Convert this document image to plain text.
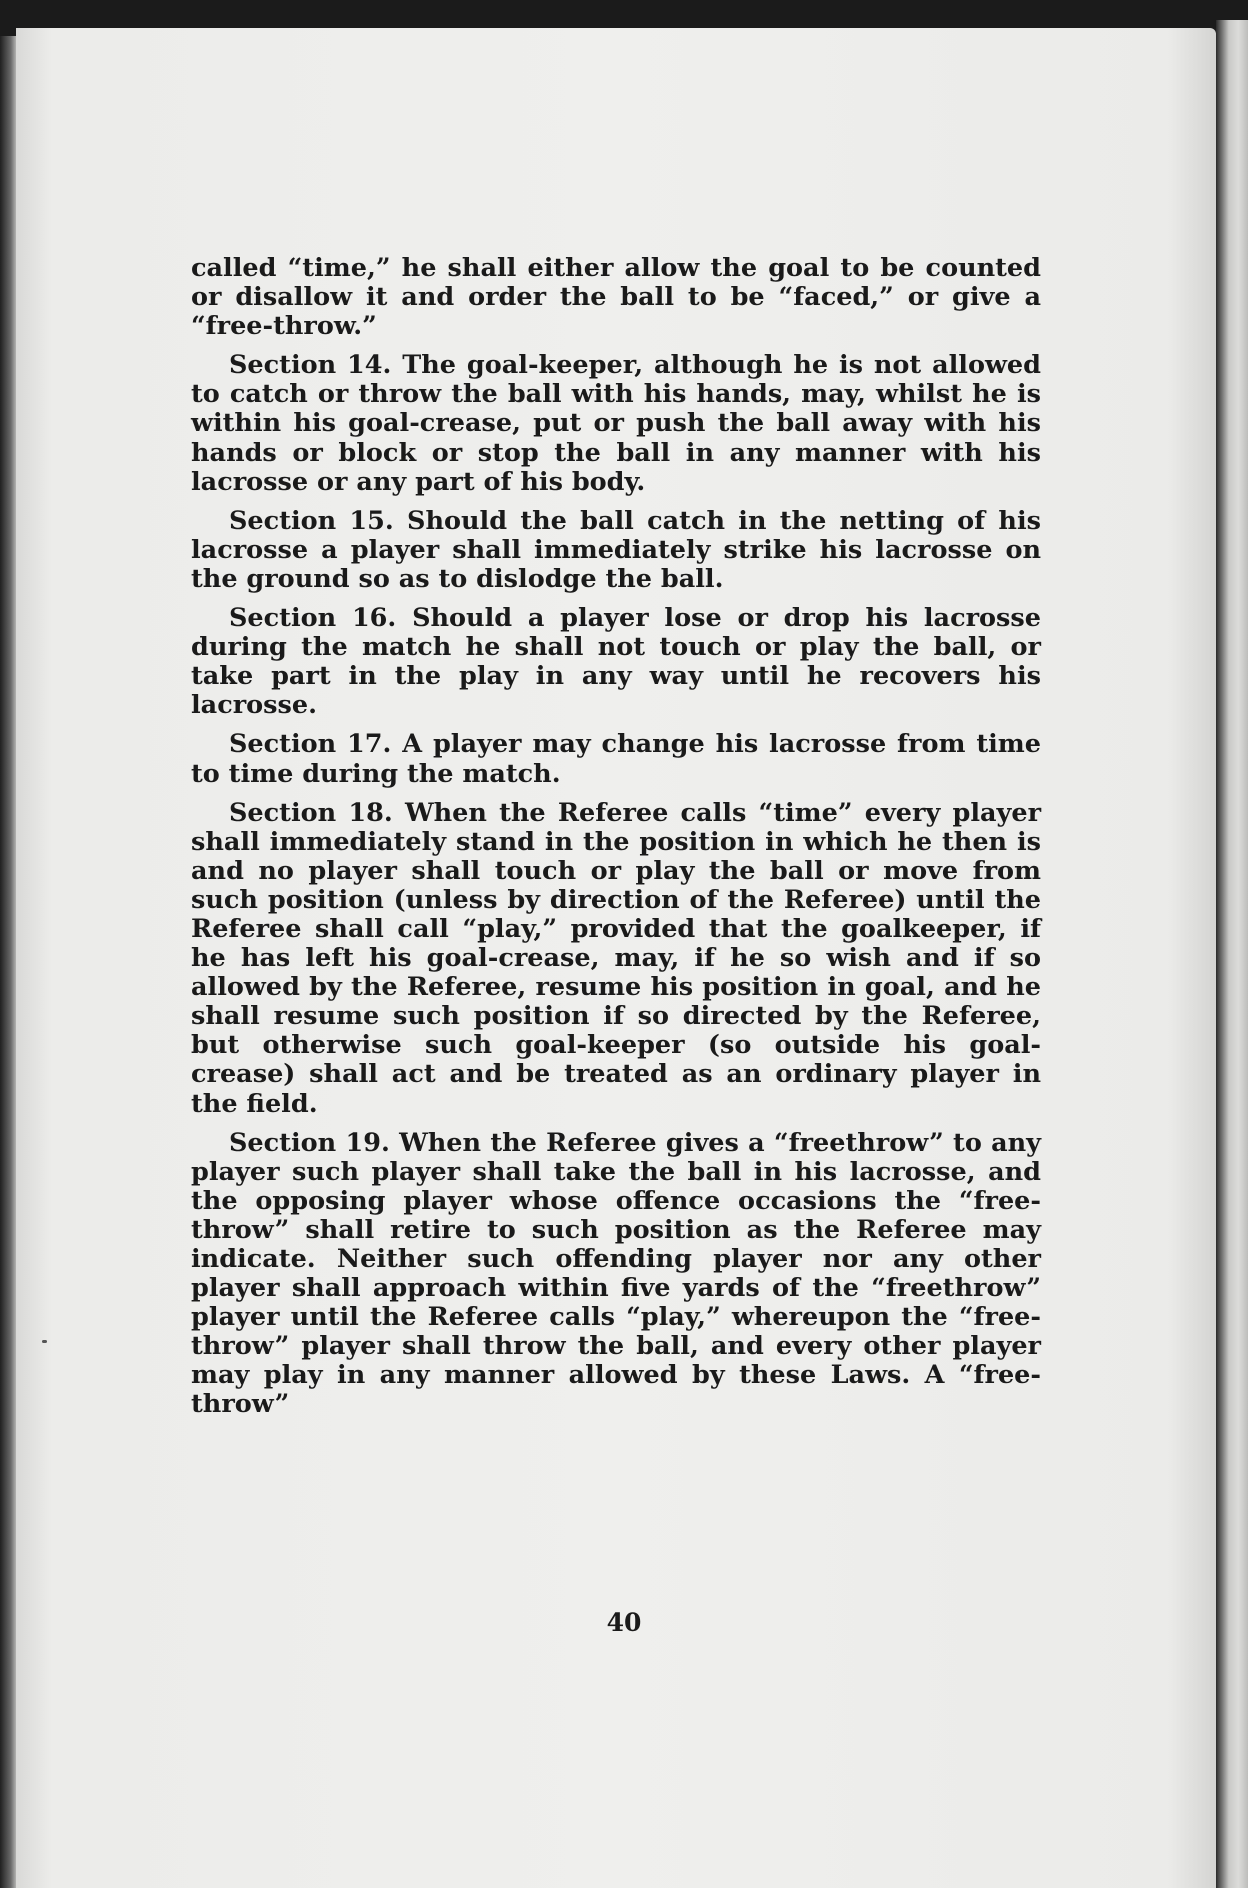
called “time,” he shall either allow the goal to be counted or disallow it and order the ball to be “faced,” or give a “free-throw.”

Section 14. The goal-keeper, although he is not allowed to catch or throw the ball with his hands, may, whilst he is within his goal-crease, put or push the ball away with his hands or block or stop the ball in any manner with his lacrosse or any part of his body.

Section 15. Should the ball catch in the netting of his lacrosse a player shall immediately strike his lacrosse on the ground so as to dislodge the ball.

Section 16. Should a player lose or drop his lacrosse during the match he shall not touch or play the ball, or take part in the play in any way until he recovers his lacrosse.

Section 17. A player may change his lacrosse from time to time during the match.

Section 18. When the Referee calls “time” every player shall immediately stand in the position in which he then is and no player shall touch or play the ball or move from such position (unless by direction of the Referee) until the Referee shall call “play,” provided that the goalkeeper, if he has left his goal-crease, may, if he so wish and if so allowed by the Referee, resume his position in goal, and he shall resume such position if so directed by the Referee, but otherwise such goal-keeper (so outside his goal-crease) shall act and be treated as an ordinary player in the field.

Section 19. When the Referee gives a “freethrow” to any player such player shall take the ball in his lacrosse, and the opposing player whose offence occasions the “free-throw” shall retire to such position as the Referee may indicate. Neither such offending player nor any other player shall approach within five yards of the “freethrow” player until the Referee calls “play,” whereupon the “free-throw” player shall throw the ball, and every other player may play in any manner allowed by these Laws. A “free-throw”

40
